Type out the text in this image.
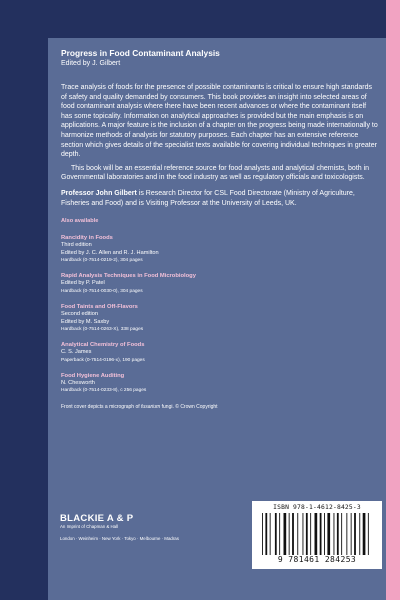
Progress in Food Contaminant Analysis

Edited by J. Gilbert

Trace analysis of foods for the presence of possible contaminants is critical to ensure high standards of safety and quality demanded by consumers. This book provides an insight into selected areas of food contaminant analysis where there have been recent advances or where the contaminant itself has some topicality. Information on analytical approaches is provided but the main emphasis is on applications. A major feature is the inclusion of a chapter on the progress being made internationally to harmonize methods of analysis for statutory purposes. Each chapter has an extensive reference section which gives details of the specialist texts available for covering individual techniques in greater depth.

This book will be an essential reference source for food analysts and analytical chemists, both in Governmental laboratories and in the food industry as well as regulatory officials and toxicologists.

Professor John Gilbert is Research Director for CSL Food Directorate (Ministry of Agriculture, Fisheries and Food) and is Visiting Professor at the University of Leeds, UK.

Also available
Rancidity in Foods
Third edition
Edited by J. C. Allen and R. J. Hamilton
Hardback (0-7514-0219-2), 304 pages
Rapid Analysis Techniques in Food Microbiology
Edited by P. Patel
Hardback (0-7514-0030-0), 304 pages
Food Taints and Off-Flavors
Second edition
Edited by M. Saxby
Hardback (0-7514-0263-X), 338 pages
Analytical Chemistry of Foods
C. S. James
Paperback (0-7514-0196-x), 190 pages
Food Hygiene Auditing
N. Chesworth
Hardback (0-7514-0233-8), c 256 pages
Front cover depicts a micrograph of fusarium fungi. © Crown Copyright
BLACKIE A & P
An Imprint of Chapman & Hall
London · Weinheim · New York · Tokyo · Melbourne · Madras
ISBN 978-1-4612-8425-3
9 781461 284253
